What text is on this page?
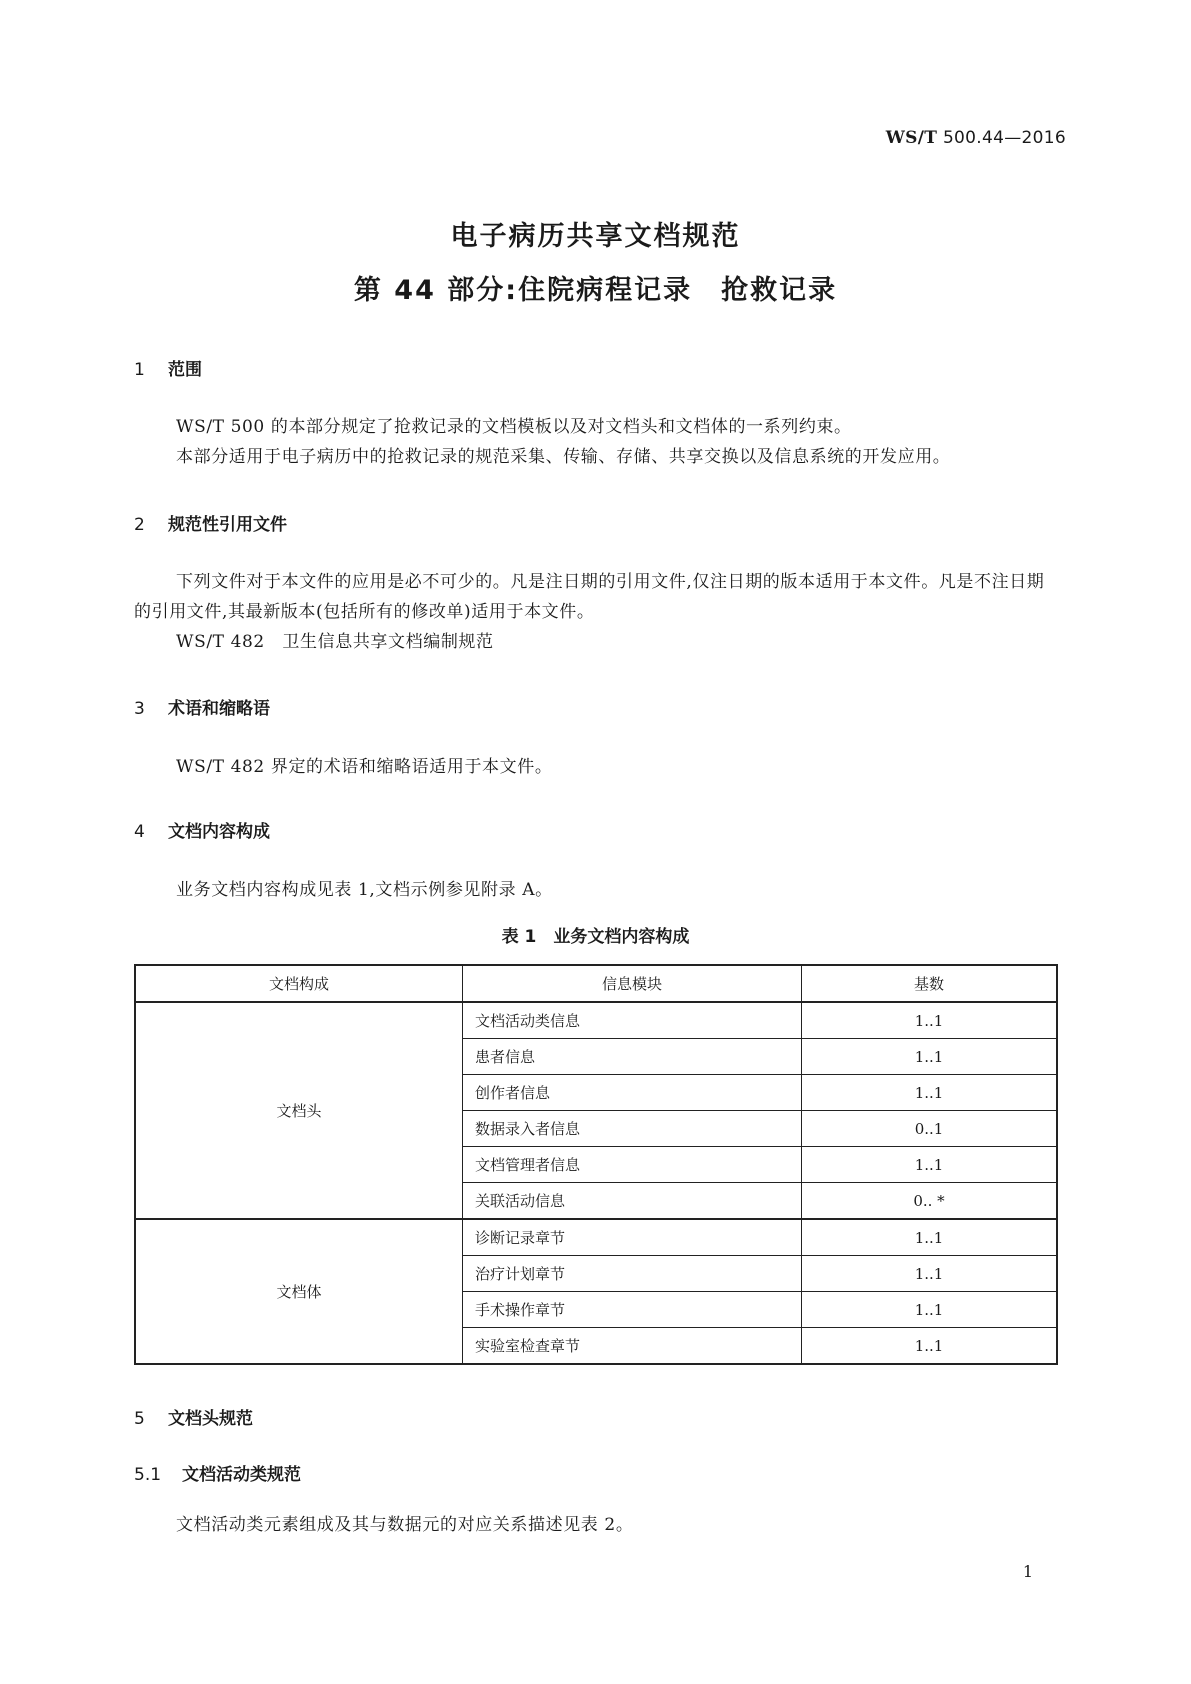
WS/T 500.44—2016
电子病历共享文档规范
第 44 部分:住院病程记录　抢救记录
1 范围
WS/T 500 的本部分规定了抢救记录的文档模板以及对文档头和文档体的一系列约束。
本部分适用于电子病历中的抢救记录的规范采集、传输、存储、共享交换以及信息系统的开发应用。
2 规范性引用文件
下列文件对于本文件的应用是必不可少的。凡是注日期的引用文件,仅注日期的版本适用于本文件。凡是不注日期的引用文件,其最新版本(包括所有的修改单)适用于本文件。
WS/T 482　卫生信息共享文档编制规范
3 术语和缩略语
WS/T 482 界定的术语和缩略语适用于本文件。
4 文档内容构成
业务文档内容构成见表 1,文档示例参见附录 A。
表 1　业务文档内容构成
文档构成	信息模块	基数
文档头	文档活动类信息	1..1
	患者信息	1..1
	创作者信息	1..1
	数据录入者信息	0..1
	文档管理者信息	1..1
	关联活动信息	0.. *
文档体	诊断记录章节	1..1
	治疗计划章节	1..1
	手术操作章节	1..1
	实验室检查章节	1..1
5 文档头规范
5.1 文档活动类规范
文档活动类元素组成及其与数据元的对应关系描述见表 2。
1
